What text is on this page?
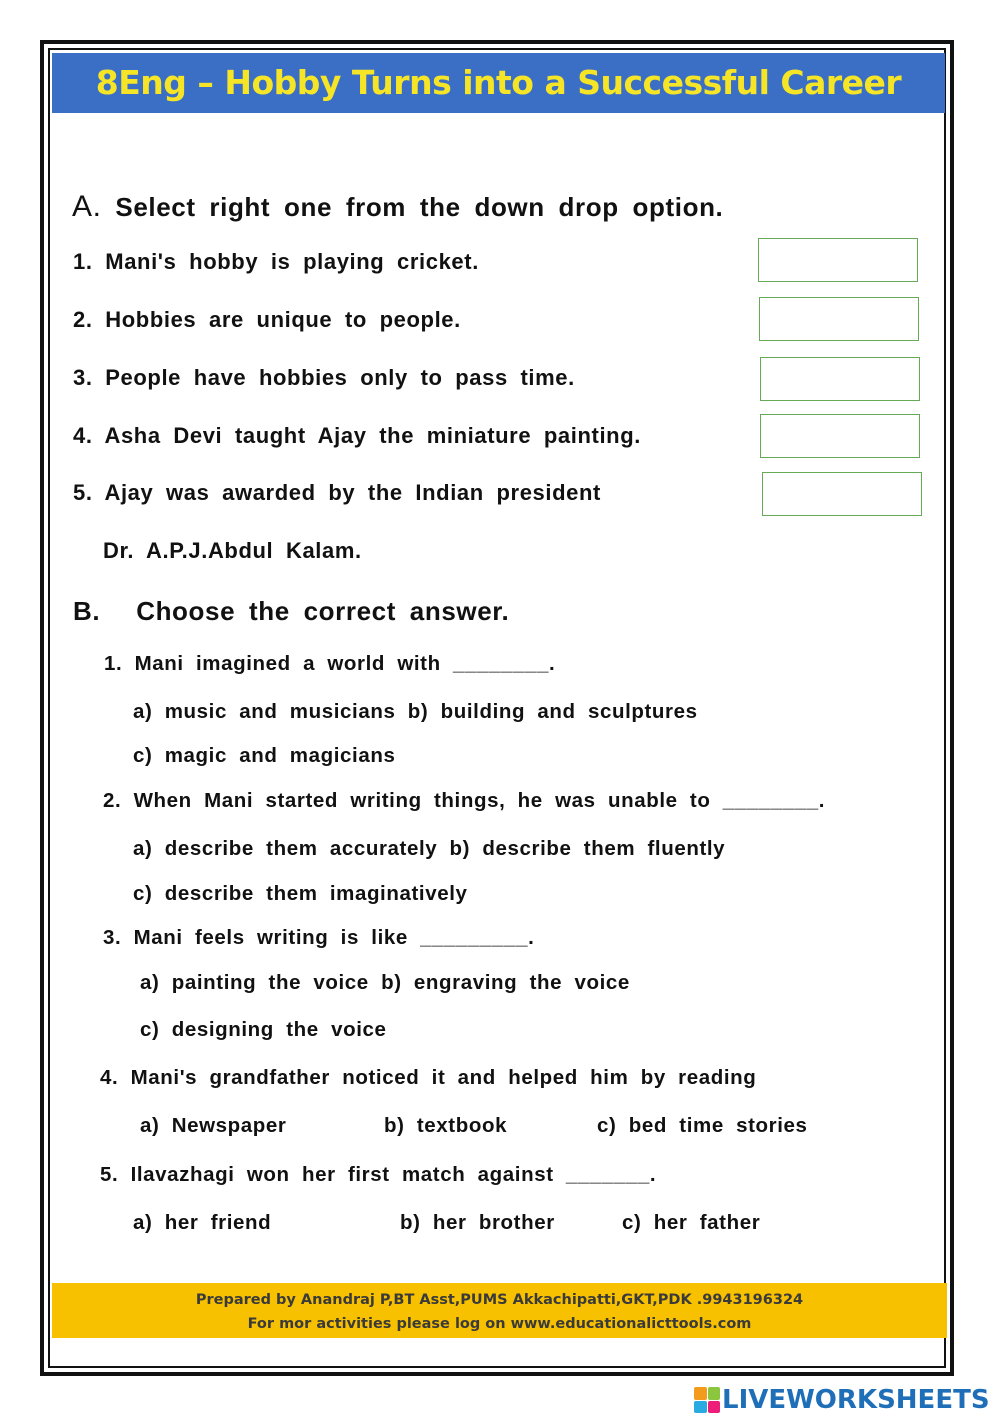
8Eng – Hobby Turns into a Successful Career
A. Select right one from the down drop option.
1. Mani's hobby is playing cricket.
2. Hobbies are unique to people.
3. People have hobbies only to pass time.
4. Asha Devi taught Ajay the miniature painting.
5. Ajay was awarded by the Indian president
Dr. A.P.J.Abdul Kalam.
B. Choose the correct answer.
1. Mani imagined a world with ________.
a) music and musicians b) building and sculptures
c) magic and magicians
2. When Mani started writing things, he was unable to ________.
a) describe them accurately b) describe them fluently
c) describe them imaginatively
3. Mani feels writing is like _________.
a) painting the voice b) engraving the voice
c) designing the voice
4. Mani's grandfather noticed it and helped him by reading
a) Newspaper	b) textbook	c) bed time stories
5. Ilavazhagi won her first match against _______.
a) her friend	b) her brother	c) her father
Prepared by Anandraj P,BT Asst,PUMS Akkachipatti,GKT,PDK .9943196324
For mor activities please log on www.educationalicttools.com
LIVEWORKSHEETS
